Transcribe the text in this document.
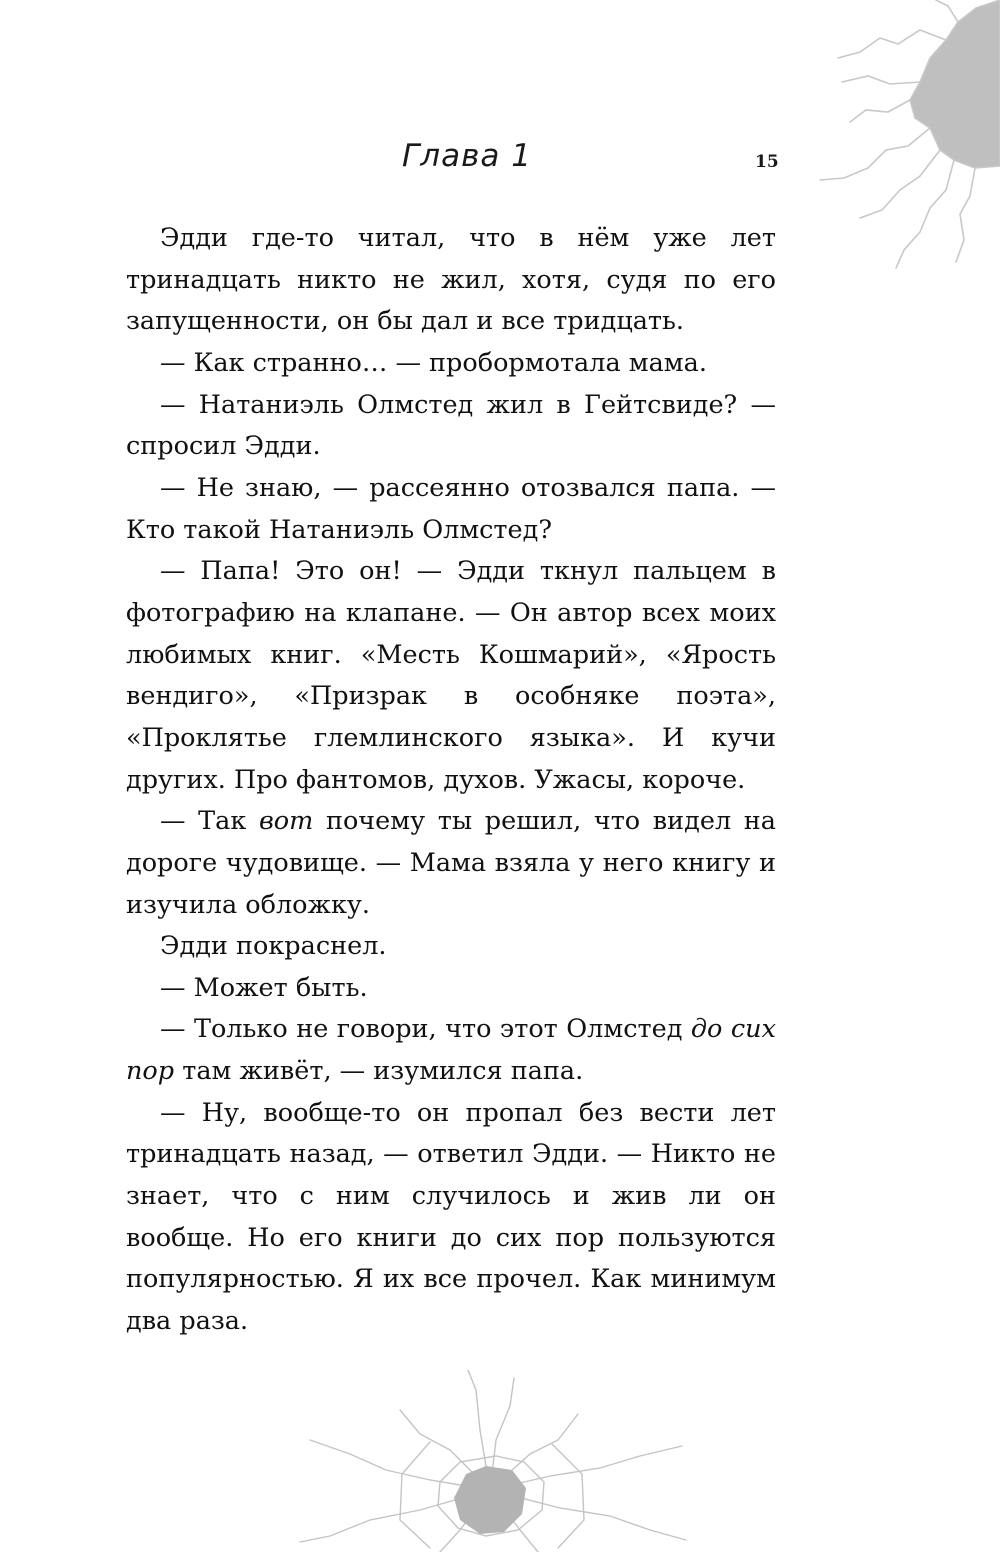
Глава 1	15

Эдди где-то читал, что в нём уже лет тринадцать никто не жил, хотя, судя по его запущенности, он бы дал и все тридцать.

— Как странно… — пробормотала мама.

— Натаниэль Олмстед жил в Гейтсвиде? — спросил Эдди.

— Не знаю, — рассеянно отозвался папа. — Кто такой Натаниэль Олмстед?

— Папа! Это он! — Эдди ткнул пальцем в фотографию на клапане. — Он автор всех моих любимых книг. «Месть Кошмарий», «Ярость вендиго», «Призрак в особняке поэта», «Проклятье глемлинского языка». И кучи других. Про фантомов, духов. Ужасы, короче.

— Так вот почему ты решил, что видел на дороге чудовище. — Мама взяла у него книгу и изучила обложку.

Эдди покраснел.

— Может быть.

— Только не говори, что этот Олмстед до сих пор там живёт, — изумился папа.

— Ну, вообще-то он пропал без вести лет тринадцать назад, — ответил Эдди. — Никто не знает, что с ним случилось и жив ли он вообще. Но его книги до сих пор пользуются популярностью. Я их все прочел. Как минимум два раза.
